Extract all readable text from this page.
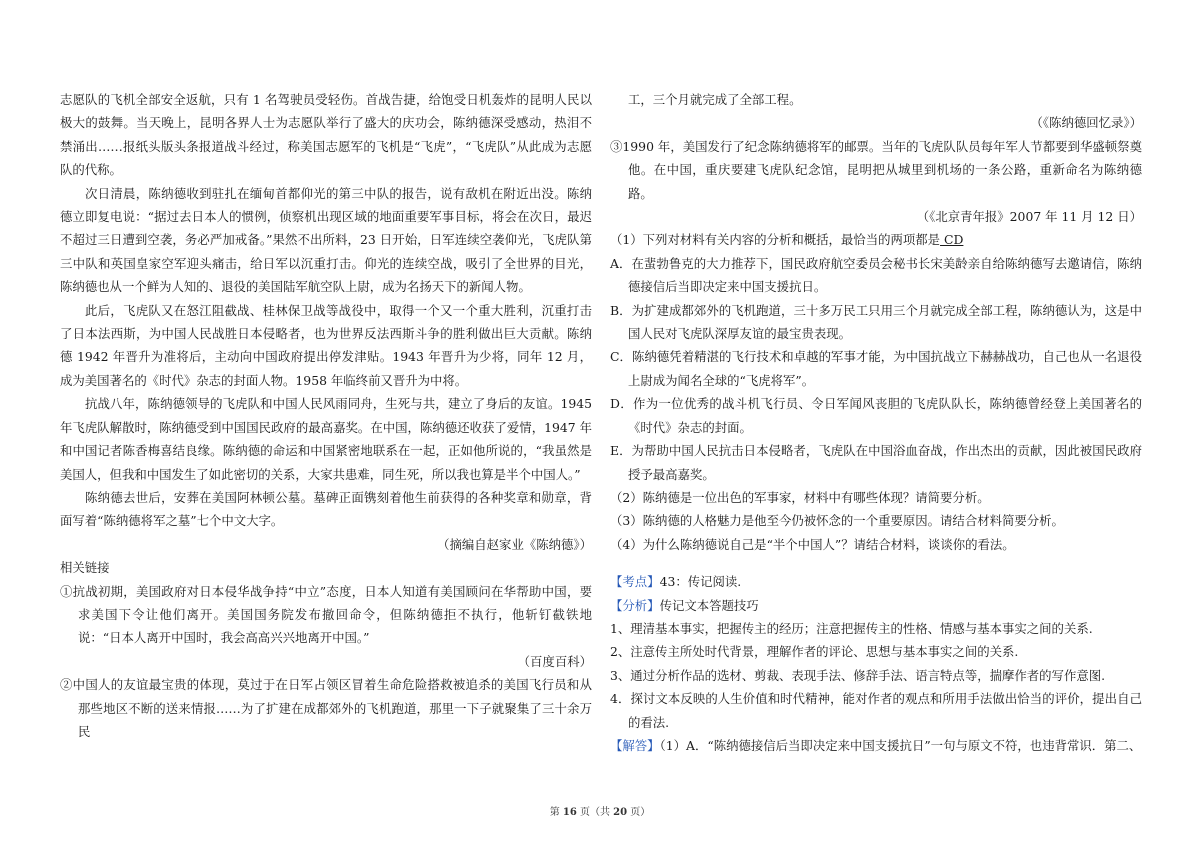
志愿队的飞机全部安全返航，只有 1 名驾驶员受轻伤。首战告捷，给饱受日机轰炸的昆明人民以极大的鼓舞。当天晚上，昆明各界人士为志愿队举行了盛大的庆功会，陈纳德深受感动，热泪不禁涌出……报纸头版头条报道战斗经过，称美国志愿军的飞机是“飞虎”，“飞虎队”从此成为志愿队的代称。

次日清晨，陈纳德收到驻扎在缅甸首都仰光的第三中队的报告，说有敌机在附近出没。陈纳德立即复电说：“据过去日本人的惯例，侦察机出现区域的地面重要军事目标，将会在次日，最迟不超过三日遭到空袭，务必严加戒备。”果然不出所料，23 日开始，日军连续空袭仰光，飞虎队第三中队和英国皇家空军迎头痛击，给日军以沉重打击。仰光的连续空战，吸引了全世界的目光，陈纳德也从一个鲜为人知的、退役的美国陆军航空队上尉，成为名扬天下的新闻人物。

此后，飞虎队又在怒江阻截战、桂林保卫战等战役中，取得一个又一个重大胜利，沉重打击了日本法西斯，为中国人民战胜日本侵略者，也为世界反法西斯斗争的胜利做出巨大贡献。陈纳德 1942 年晋升为准将后，主动向中国政府提出停发津贴。1943 年晋升为少将，同年 12 月，成为美国著名的《时代》杂志的封面人物。1958 年临终前又晋升为中将。

抗战八年，陈纳德领导的飞虎队和中国人民风雨同舟，生死与共，建立了身后的友谊。1945 年飞虎队解散时，陈纳德受到中国国民政府的最高嘉奖。在中国，陈纳德还收获了爱情，1947 年和中国记者陈香梅喜结良缘。陈纳德的命运和中国紧密地联系在一起，正如他所说的，“我虽然是美国人，但我和中国发生了如此密切的关系，大家共患难，同生死，所以我也算是半个中国人。”

陈纳德去世后，安葬在美国阿林顿公墓。墓碑正面镌刻着他生前获得的各种奖章和勋章，背面写着“陈纳德将军之墓”七个中文大字。

（摘编自赵家业《陈纳德》）

相关链接

①抗战初期，美国政府对日本侵华战争持“中立”态度，日本人知道有美国顾问在华帮助中国，要求美国下令让他们离开。美国国务院发布撤回命令，但陈纳德拒不执行，他斩钉截铁地说：“日本人离开中国时，我会高高兴兴地离开中国。”

（百度百科）

②中国人的友谊最宝贵的体现，莫过于在日军占领区冒着生命危险搭救被追杀的美国飞行员和从那些地区不断的送来情报……为了扩建在成都郊外的飞机跑道，那里一下子就聚集了三十余万民

工，三个月就完成了全部工程。

（《陈纳德回忆录》）

③1990 年，美国发行了纪念陈纳德将军的邮票。当年的飞虎队队员每年军人节都要到华盛顿祭奠他。在中国，重庆要建飞虎队纪念馆，昆明把从城里到机场的一条公路，重新命名为陈纳德路。

（《北京青年报》2007 年 11 月 12 日）

（1）下列对材料有关内容的分析和概括，最恰当的两项都是 CD

A．在蜚勃鲁克的大力推荐下，国民政府航空委员会秘书长宋美龄亲自给陈纳德写去邀请信，陈纳德接信后当即决定来中国支援抗日。

B．为扩建成都郊外的飞机跑道，三十多万民工只用三个月就完成全部工程，陈纳德认为，这是中国人民对飞虎队深厚友谊的最宝贵表现。

C．陈纳德凭着精湛的飞行技术和卓越的军事才能，为中国抗战立下赫赫战功，自己也从一名退役上尉成为闻名全球的“飞虎将军”。

D．作为一位优秀的战斗机飞行员、令日军闻风丧胆的飞虎队队长，陈纳德曾经登上美国著名的《时代》杂志的封面。

E．为帮助中国人民抗击日本侵略者，飞虎队在中国浴血奋战，作出杰出的贡献，因此被国民政府授予最高嘉奖。

（2）陈纳德是一位出色的军事家，材料中有哪些体现？请简要分析。

（3）陈纳德的人格魅力是他至今仍被怀念的一个重要原因。请结合材料简要分析。

（4）为什么陈纳德说自己是“半个中国人”？请结合材料，谈谈你的看法。

【考点】43：传记阅读.

【分析】传记文本答题技巧

1、理清基本事实，把握传主的经历；注意把握传主的性格、情感与基本事实之间的关系.

2、注意传主所处时代背景，理解作者的评论、思想与基本事实之间的关系.

3、通过分析作品的选材、剪裁、表现手法、修辞手法、语言特点等，揣摩作者的写作意图.

4．探讨文本反映的人生价值和时代精神，能对作者的观点和所用手法做出恰当的评价，提出自己的看法.

【解答】（1）A．“陈纳德接信后当即决定来中国支援抗日”一句与原文不符，也违背常识．第二、

第 16 页（共 20 页）
